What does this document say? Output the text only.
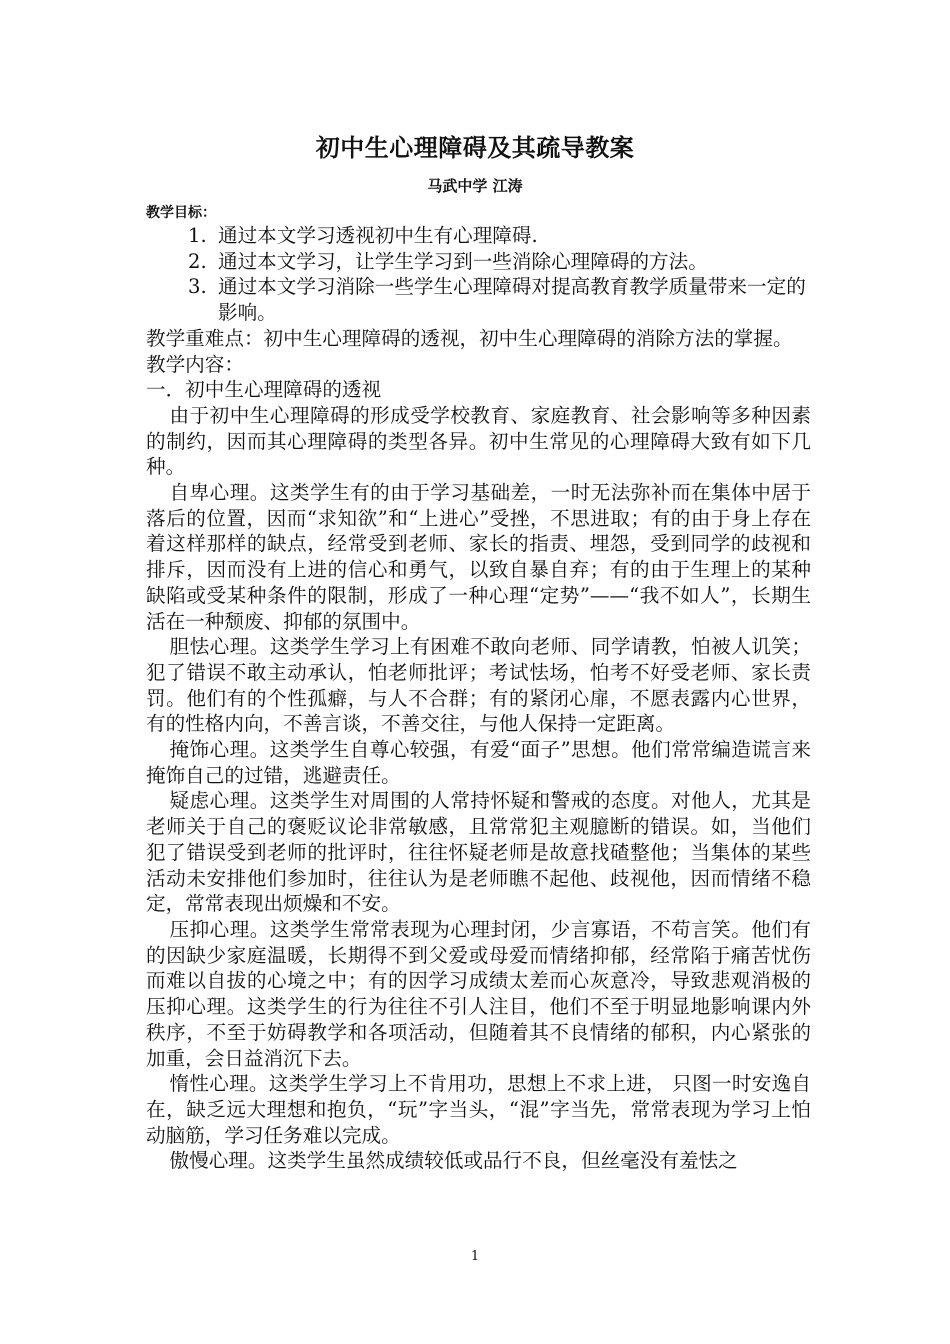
初中生心理障碍及其疏导教案
马武中学 江涛
教学目标：
1. 通过本文学习透视初中生有心理障碍.
2. 通过本文学习，让学生学习到一些消除心理障碍的方法。
3. 通过本文学习消除一些学生心理障碍对提高教育教学质量带来一定的影响。

教学重难点：初中生心理障碍的透视，初中生心理障碍的消除方法的掌握。

教学内容：

一．初中生心理障碍的透视

由于初中生心理障碍的形成受学校教育、家庭教育、社会影响等多种因素的制约，因而其心理障碍的类型各异。初中生常见的心理障碍大致有如下几种。

自卑心理。这类学生有的由于学习基础差，一时无法弥补而在集体中居于落后的位置，因而“求知欲”和“上进心”受挫，不思进取；有的由于身上存在着这样那样的缺点，经常受到老师、家长的指责、埋怨，受到同学的歧视和排斥，因而没有上进的信心和勇气，以致自暴自弃；有的由于生理上的某种缺陷或受某种条件的限制，形成了一种心理“定势”——“我不如人”，长期生活在一种颓废、抑郁的氛围中。

胆怯心理。这类学生学习上有困难不敢向老师、同学请教，怕被人讥笑；犯了错误不敢主动承认，怕老师批评；考试怯场，怕考不好受老师、家长责罚。他们有的个性孤癖，与人不合群；有的紧闭心扉，不愿表露内心世界，有的性格内向，不善言谈，不善交往，与他人保持一定距离。

掩饰心理。这类学生自尊心较强，有爱“面子”思想。他们常常编造谎言来掩饰自己的过错，逃避责任。

疑虑心理。这类学生对周围的人常持怀疑和警戒的态度。对他人，尤其是老师关于自己的褒贬议论非常敏感，且常常犯主观臆断的错误。如，当他们犯了错误受到老师的批评时，往往怀疑老师是故意找碴整他；当集体的某些活动未安排他们参加时，往往认为是老师瞧不起他、歧视他，因而情绪不稳定，常常表现出烦燥和不安。

压抑心理。这类学生常常表现为心理封闭，少言寡语，不苟言笑。他们有的因缺少家庭温暖，长期得不到父爱或母爱而情绪抑郁，经常陷于痛苦忧伤而难以自拔的心境之中；有的因学习成绩太差而心灰意冷，导致悲观消极的压抑心理。这类学生的行为往往不引人注目，他们不至于明显地影响课内外秩序，不至于妨碍教学和各项活动，但随着其不良情绪的郁积，内心紧张的加重，会日益消沉下去。

惰性心理。这类学生学习上不肯用功，思想上不求上进， 只图一时安逸自在，缺乏远大理想和抱负，“玩”字当头，“混”字当先，常常表现为学习上怕动脑筋，学习任务难以完成。

傲慢心理。这类学生虽然成绩较低或品行不良，但丝毫没有羞怯之

1
